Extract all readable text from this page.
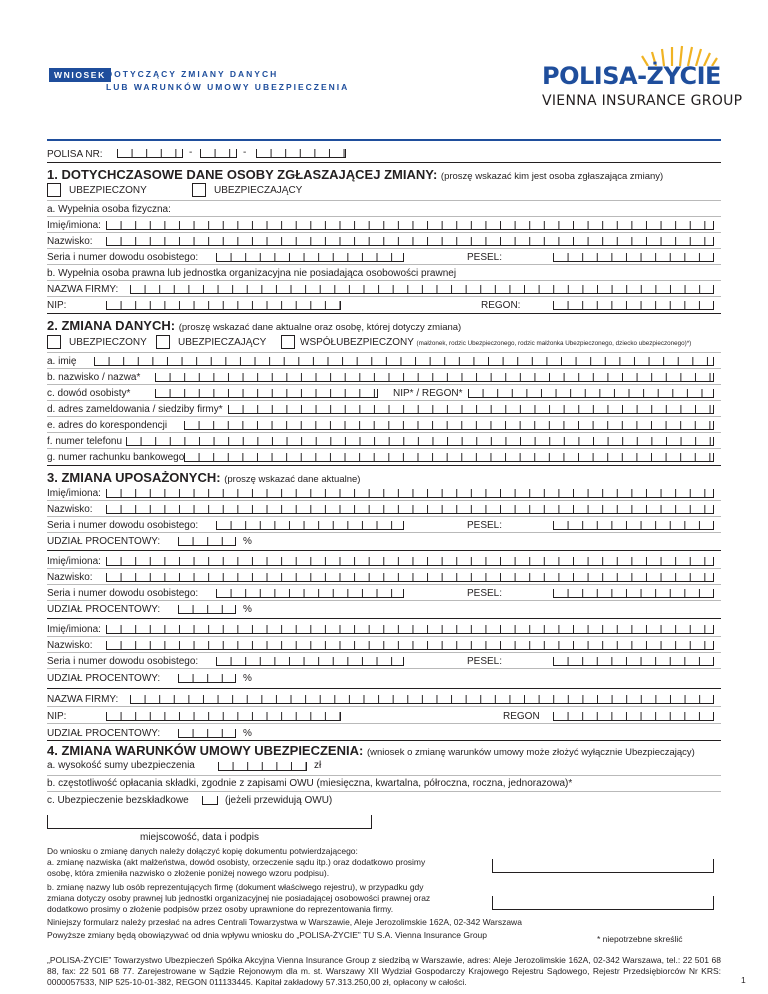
WNIOSEK DOTYCZĄCY ZMIANY DANYCH
LUB WARUNKÓW UMOWY UBEZPIECZENIA	POLISA-ŻYCIE
VIENNA INSURANCE GROUP
POLISA NR:	-	-
1. DOTYCHCZASOWE DANE OSOBY ZGŁASZAJĄCEJ ZMIANY: (proszę wskazać kim jest osoba zgłaszająca zmiany)
UBEZPIECZONY	UBEZPIECZAJĄCY
a. Wypełnia osoba fizyczna:
Imię/imiona:
Nazwisko:
Seria i numer dowodu osobistego:	PESEL:
b. Wypełnia osoba prawna lub jednostka organizacyjna nie posiadająca osobowości prawnej
NAZWA FIRMY:
NIP:	REGON:
2. ZMIANA DANYCH: (proszę wskazać dane aktualne oraz osobę, której dotyczy zmiana)
UBEZPIECZONY	UBEZPIECZAJĄCY	WSPÓŁUBEZPIECZONY (małżonek, rodzic Ubezpieczonego, rodzic małżonka Ubezpieczonego, dziecko ubezpieczonego)*)
a. imię
b. nazwisko / nazwa*
c. dowód osobisty*	NIP* / REGON*
d. adres zameldowania / siedziby firmy*
e. adres do korespondencji
f. numer telefonu
g. numer rachunku bankowego
3. ZMIANA UPOSAŻONYCH: (proszę wskazać dane aktualne)
Imię/imiona:
Nazwisko:
Seria i numer dowodu osobistego:	PESEL:
UDZIAŁ PROCENTOWY:	%
Imię/imiona:
Nazwisko:
Seria i numer dowodu osobistego:	PESEL:
UDZIAŁ PROCENTOWY:	%
Imię/imiona:
Nazwisko:
Seria i numer dowodu osobistego:	PESEL:
UDZIAŁ PROCENTOWY:	%
NAZWA FIRMY:
NIP:	REGON
UDZIAŁ PROCENTOWY:	%
4. ZMIANA WARUNKÓW UMOWY UBEZPIECZENIA: (wniosek o zmianę warunków umowy może złożyć wyłącznie Ubezpieczający)
a. wysokość sumy ubezpieczenia	zł
b. częstotliwość opłacania składki, zgodnie z zapisami OWU (miesięczna, kwartalna, półroczna, roczna, jednorazowa)*
c. Ubezpieczenie bezskładkowe	(jeżeli przewidują OWU)
miejscowość, data i podpis
Do wniosku o zmianę danych należy dołączyć kopię dokumentu potwierdzającego:
a. zmianę nazwiska (akt małżeństwa, dowód osobisty, orzeczenie sądu itp.) oraz dodatkowo prosimy
osobę, która zmieniła nazwisko o złożenie poniżej nowego wzoru podpisu).
b. zmianę nazwy lub osób reprezentujących firmę (dokument właściwego rejestru), w przypadku gdy
zmiana dotyczy osoby prawnej lub jednostki organizacyjnej nie posiadającej osobowości prawnej oraz
dodatkowo prosimy o złożenie podpisów przez osoby uprawnione do reprezentowania firmy.
Niniejszy formularz należy przesłać na adres Centrali Towarzystwa w Warszawie, Aleje Jerozolimskie 162A, 02-342 Warszawa
Powyższe zmiany będą obowiązywać od dnia wpływu wniosku do „POLISA-ŻYCIE” TU S.A. Vienna Insurance Group	* niepotrzebne skreślić
„POLISA-ŻYCIE” Towarzystwo Ubezpieczeń Spółka Akcyjna Vienna Insurance Group z siedzibą w Warszawie, adres: Aleje Jerozolimskie 162A, 02-342 Warszawa, tel.: 22 501 68 88, fax: 22 501 68 77. Zarejestrowane w Sądzie Rejonowym dla m. st. Warszawy XII Wydział Gospodarczy Krajowego Rejestru Sądowego, Rejestr Przedsiębiorców Nr KRS: 0000057533, NIP 525-10-01-382, REGON 011133445. Kapitał zakładowy 57.313.250,00 zł, opłacony w całości.	1
